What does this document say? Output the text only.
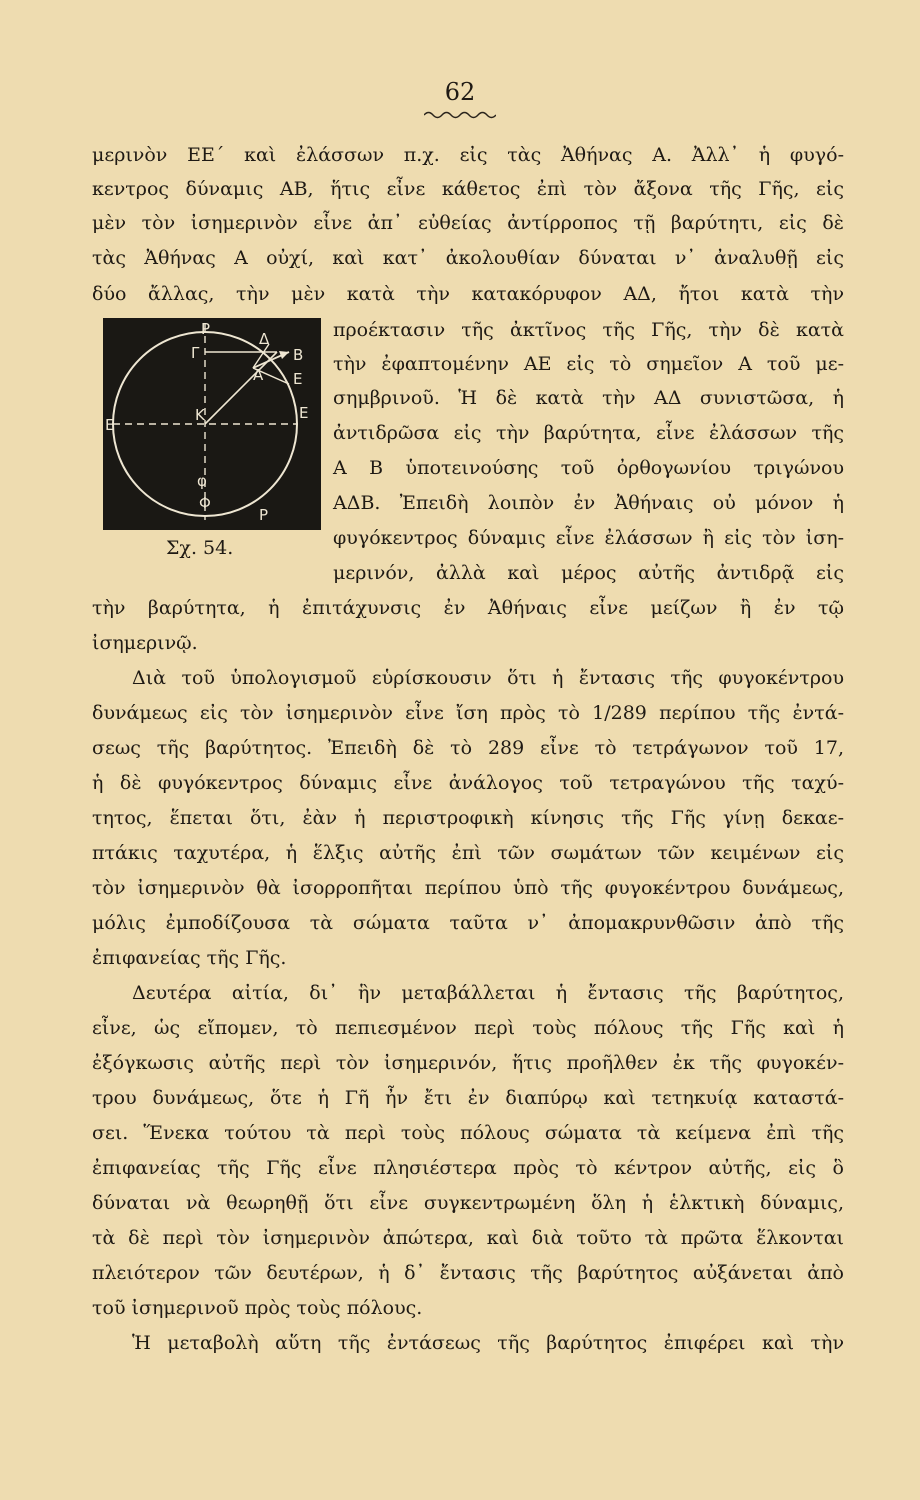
62
P
Γ
Δ
B
A E
E
E
K
φ
Φ
P
Σχ. 54.
μερινὸν ΕΕ΄ καὶ ἐλάσσων π.χ. εἰς τὰς Ἀθήνας Α. Ἀλλ᾿ ἡ φυγό-
κεντρος δύναμις ΑΒ, ἥτις εἶνε κάθετος ἐπὶ τὸν ἄξονα τῆς Γῆς, εἰς
μὲν τὸν ἰσημερινὸν εἶνε ἀπ᾿ εὐθείας ἀντίρροπος τῇ βαρύτητι, εἰς δὲ
τὰς Ἀθήνας Α οὐχί, καὶ κατ᾿ ἀκολουθίαν δύναται ν᾿ ἀναλυθῇ εἰς
δύο ἄλλας, τὴν μὲν κατὰ τὴν κατακόρυφον ΑΔ, ἤτοι κατὰ τὴν
προέκτασιν τῆς ἀκτῖνος τῆς Γῆς, τὴν δὲ κατὰ
τὴν ἐφαπτομένην ΑΕ εἰς τὸ σημεῖον Α τοῦ με-
σημβρινοῦ. Ἡ δὲ κατὰ τὴν ΑΔ συνιστῶσα, ἡ
ἀντιδρῶσα εἰς τὴν βαρύτητα, εἶνε ἐλάσσων τῆς
Α Β ὑποτεινούσης τοῦ ὀρθογωνίου τριγώνου
ΑΔΒ. Ἐπειδὴ λοιπὸν ἐν Ἀθήναις οὐ μόνον ἡ
φυγόκεντρος δύναμις εἶνε ἐλάσσων ἢ εἰς τὸν ἰση-
μερινόν, ἀλλὰ καὶ μέρος αὐτῆς ἀντιδρᾷ εἰς
τὴν βαρύτητα, ἡ ἐπιτάχυνσις ἐν Ἀθήναις εἶνε μείζων ἢ ἐν τῷ
ἰσημερινῷ.
Διὰ τοῦ ὑπολογισμοῦ εὑρίσκουσιν ὅτι ἡ ἔντασις τῆς φυγοκέντρου
δυνάμεως εἰς τὸν ἰσημερινὸν εἶνε ἴση πρὸς τὸ 1/289 περίπου τῆς ἐντά-
σεως τῆς βαρύτητος. Ἐπειδὴ δὲ τὸ 289 εἶνε τὸ τετράγωνον τοῦ 17,
ἡ δὲ φυγόκεντρος δύναμις εἶνε ἀνάλογος τοῦ τετραγώνου τῆς ταχύ-
τητος, ἕπεται ὅτι, ἐὰν ἡ περιστροφικὴ κίνησις τῆς Γῆς γίνῃ δεκαε-
πτάκις ταχυτέρα, ἡ ἕλξις αὐτῆς ἐπὶ τῶν σωμάτων τῶν κειμένων εἰς
τὸν ἰσημερινὸν θὰ ἰσορροπῆται περίπου ὑπὸ τῆς φυγοκέντρου δυνάμεως,
μόλις ἐμποδίζουσα τὰ σώματα ταῦτα ν᾿ ἀπομακρυνθῶσιν ἀπὸ τῆς
ἐπιφανείας τῆς Γῆς.
Δευτέρα αἰτία, δι᾿ ἣν μεταβάλλεται ἡ ἔντασις τῆς βαρύτητος,
εἶνε, ὡς εἴπομεν, τὸ πεπιεσμένον περὶ τοὺς πόλους τῆς Γῆς καὶ ἡ
ἐξόγκωσις αὐτῆς περὶ τὸν ἰσημερινόν, ἥτις προῆλθεν ἐκ τῆς φυγοκέν-
τρου δυνάμεως, ὅτε ἡ Γῆ ἦν ἔτι ἐν διαπύρῳ καὶ τετηκυίᾳ καταστά-
σει. Ἕνεκα τούτου τὰ περὶ τοὺς πόλους σώματα τὰ κείμενα ἐπὶ τῆς
ἐπιφανείας τῆς Γῆς εἶνε πλησιέστερα πρὸς τὸ κέντρον αὐτῆς, εἰς ὃ
δύναται νὰ θεωρηθῇ ὅτι εἶνε συγκεντρωμένη ὅλη ἡ ἑλκτικὴ δύναμις,
τὰ δὲ περὶ τὸν ἰσημερινὸν ἀπώτερα, καὶ διὰ τοῦτο τὰ πρῶτα ἕλκονται
πλειότερον τῶν δευτέρων, ἡ δ᾿ ἔντασις τῆς βαρύτητος αὐξάνεται ἀπὸ
τοῦ ἰσημερινοῦ πρὸς τοὺς πόλους.
Ἡ μεταβολὴ αὕτη τῆς ἐντάσεως τῆς βαρύτητος ἐπιφέρει καὶ τὴν
